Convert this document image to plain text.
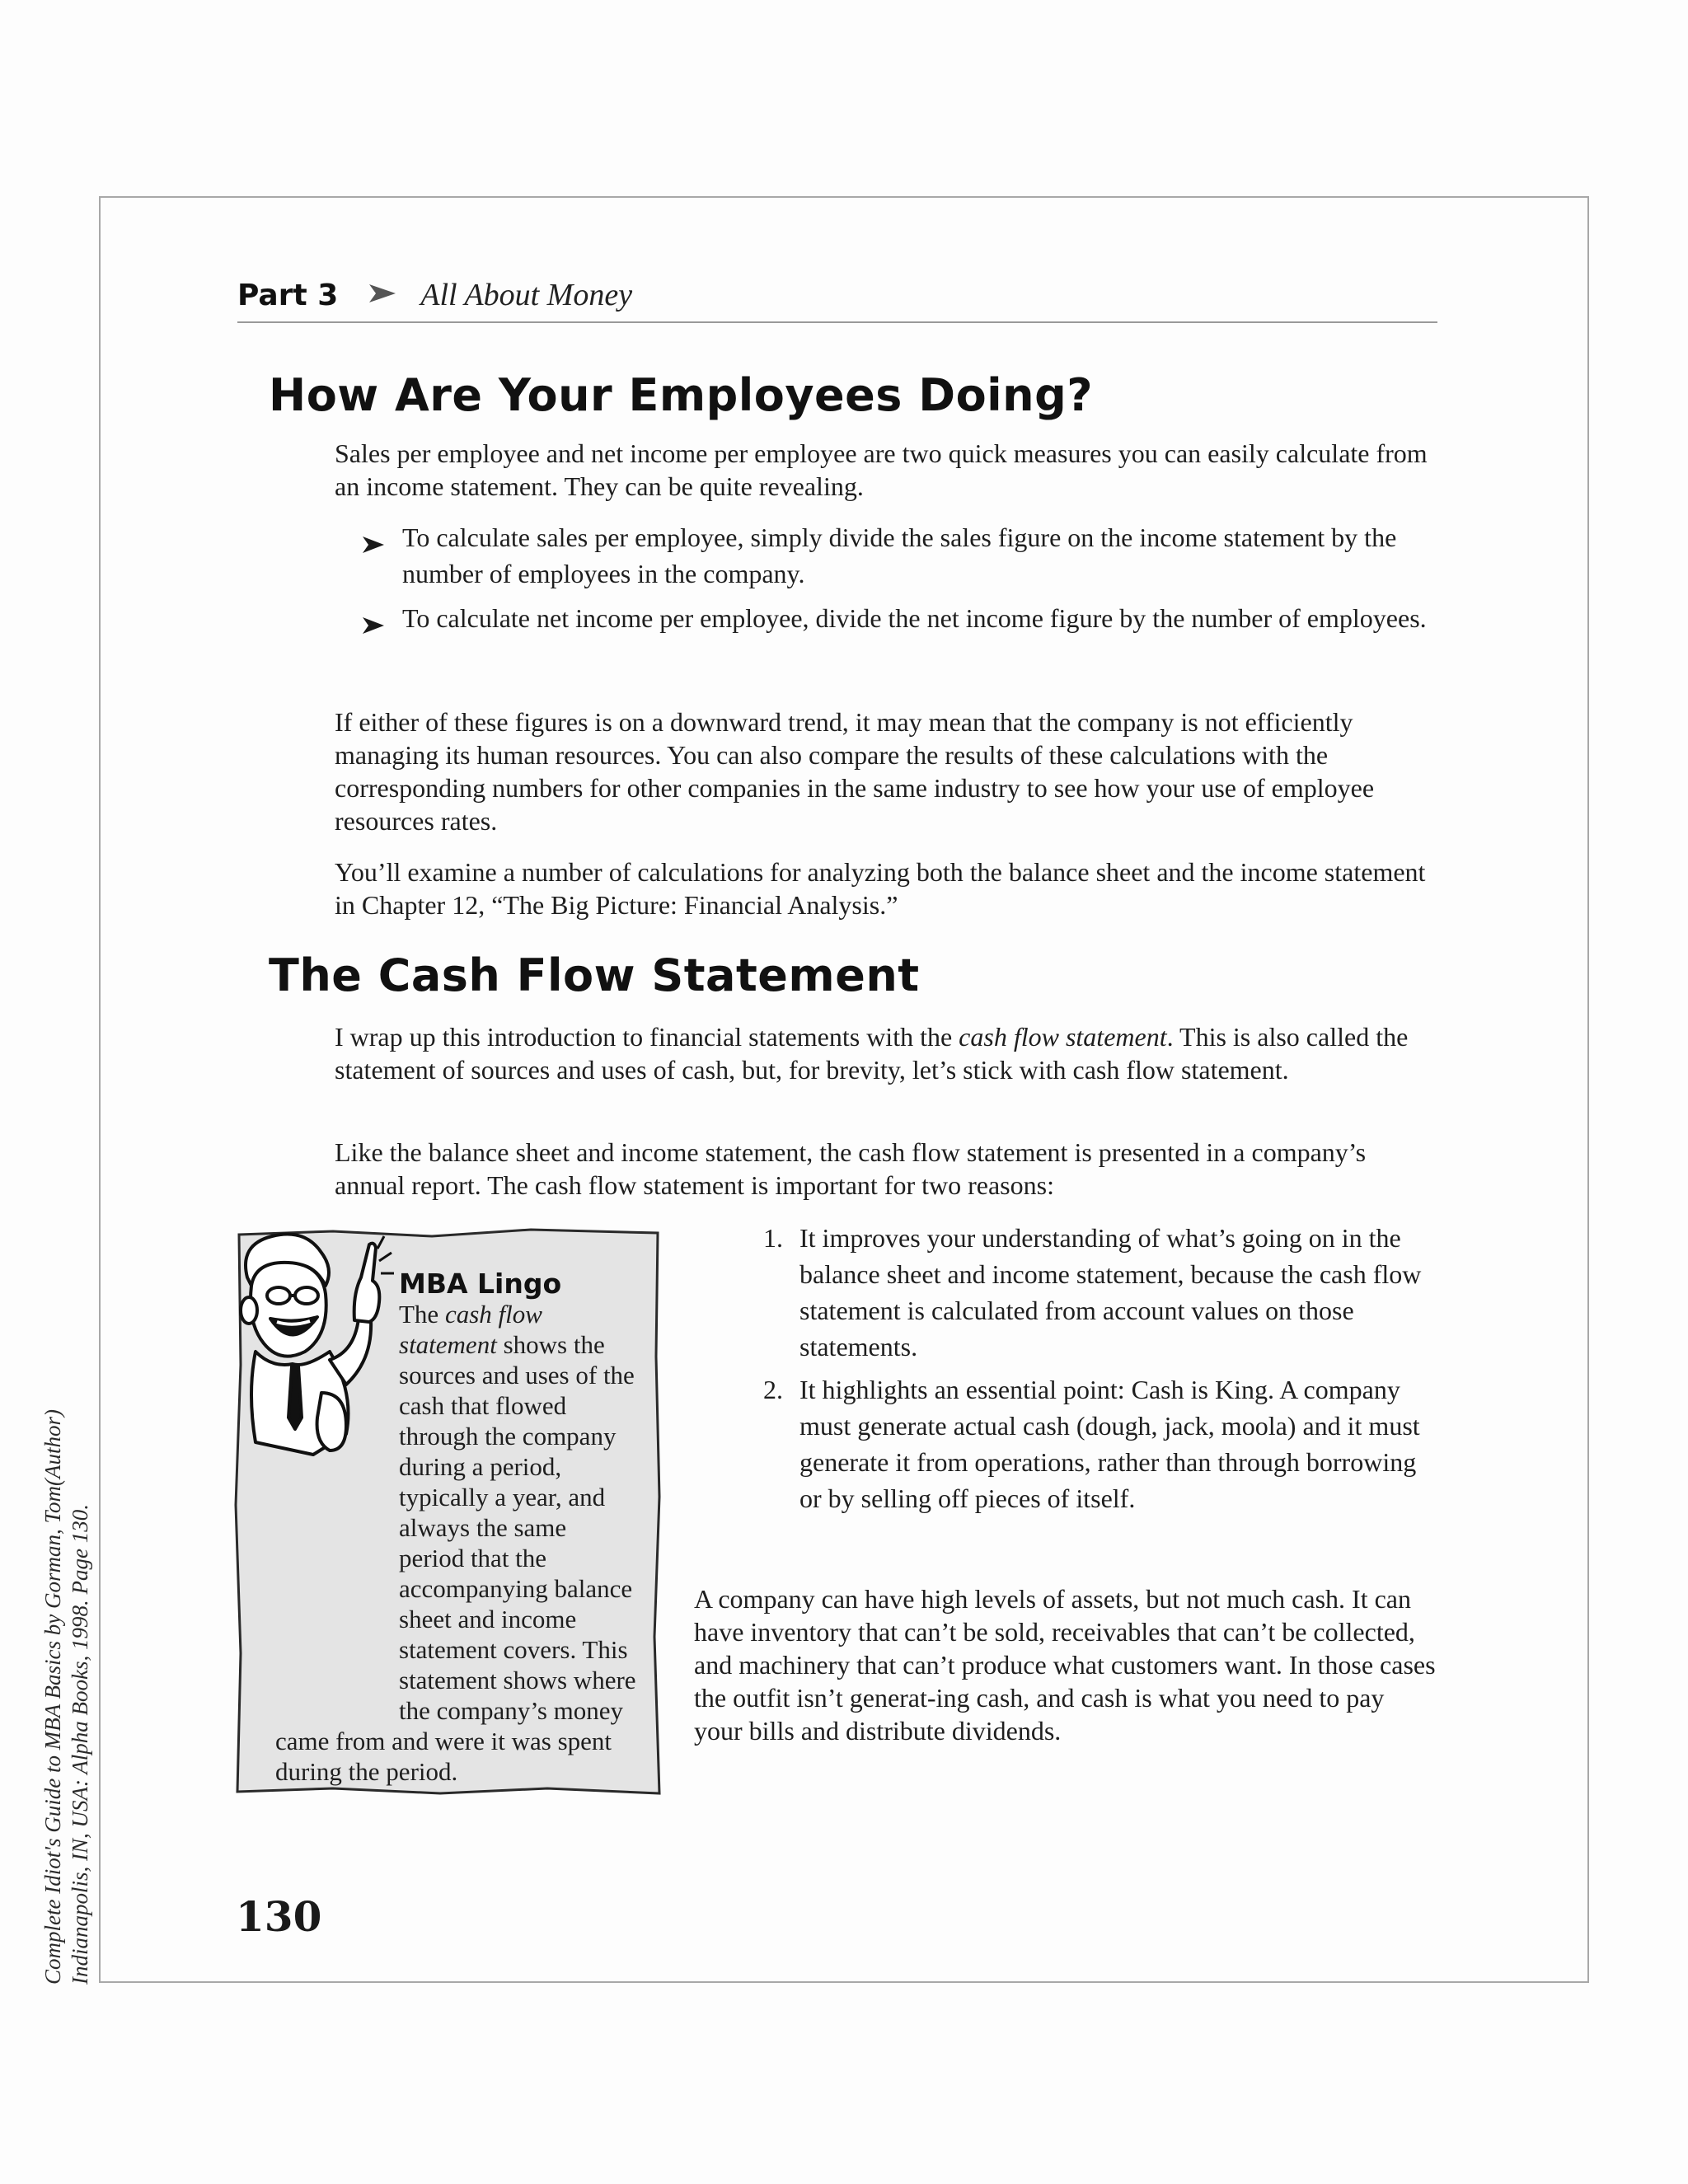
Complete Idiot's Guide to MBA Basics by Gorman, Tom(Author) Indianapolis, IN, USA: Alpha Books, 1998. Page 130.
Part 3	All About Money
How Are Your Employees Doing?

Sales per employee and net income per employee are two quick measures you can easily calculate from an income statement. They can be quite revealing.

To calculate sales per employee, simply divide the sales figure on the income statement by the number of employees in the company.
To calculate net income per employee, divide the net income figure by the number of employees.

If either of these figures is on a downward trend, it may mean that the company is not efficiently managing its human resources. You can also compare the results of these calculations with the corresponding numbers for other companies in the same industry to see how your use of employee resources rates.

You’ll examine a number of calculations for analyzing both the balance sheet and the income statement in Chapter 12, “The Big Picture: Financial Analysis.”

The Cash Flow Statement

I wrap up this introduction to financial statements with the cash flow statement. This is also called the statement of sources and uses of cash, but, for brevity, let’s stick with cash flow statement.

Like the balance sheet and income statement, the cash flow statement is presented in a company’s annual report. The cash flow statement is important for two reasons:

1. It improves your understanding of what’s going on in the balance sheet and income statement, because the cash flow statement is calculated from account values on those statements.
2. It highlights an essential point: Cash is King. A company must generate actual cash (dough, jack, moola) and it must generate it from operations, rather than through borrowing or by selling off pieces of itself.

A company can have high levels of assets, but not much cash. It can have inventory that can’t be sold, receivables that can’t be collected, and machinery that can’t produce what customers want. In those cases the outfit isn’t generat-ing cash, and cash is what you need to pay your bills and distribute dividends.

MBA Lingo
The cash flow statement shows the sources and uses of the cash that flowed through the company during a period, typically a year, and always the same period that the accompanying balance sheet and income statement covers. This statement shows where the company’s money came from and were it was spent during the period.
130
